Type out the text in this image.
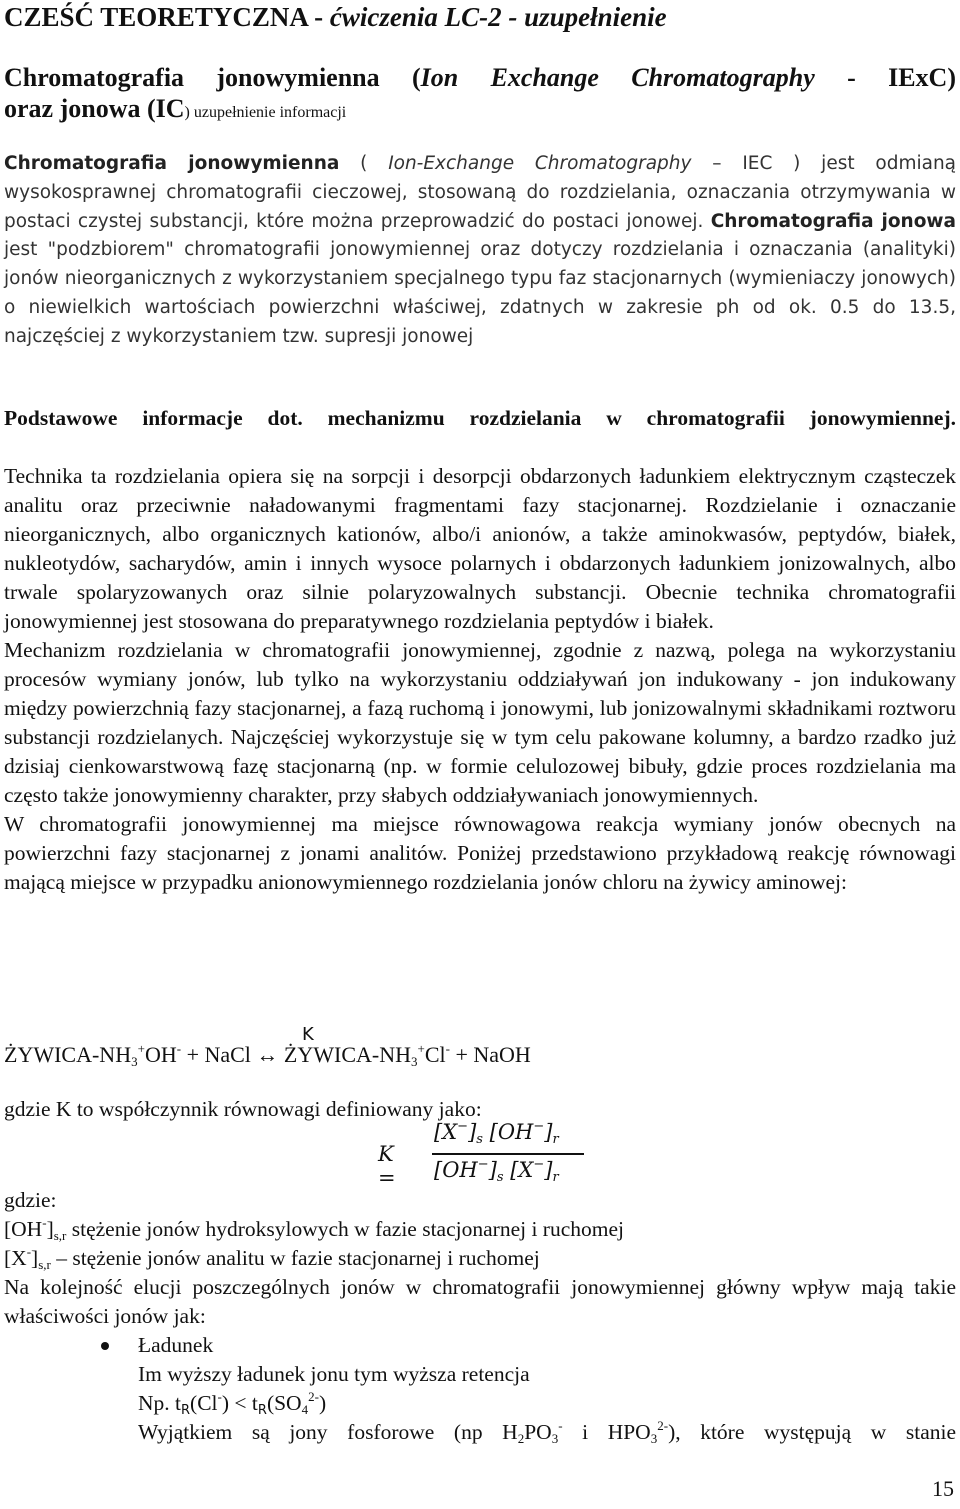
CZEŚĆ TEORETYCZNA - ćwiczenia LC-2 - uzupełnienie
Chromatografia jonowymienna (Ion Exchange Chromatography - IExC)
oraz jonowa (IC) uzupełnienie informacji
Chromatografia jonowymienna ( Ion-Exchange Chromatography – IEC ) jest odmianą wysokosprawnej chromatografii cieczowej, stosowaną do rozdzielania, oznaczania otrzymywania w postaci czystej substancji, które można przeprowadzić do postaci jonowej. Chromatografia jonowa jest "podzbiorem" chromatografii jonowymiennej oraz dotyczy rozdzielania i oznaczania (analityki) jonów nieorganicznych z wykorzystaniem specjalnego typu faz stacjonarnych (wymieniaczy jonowych) o niewielkich wartościach powierzchni właściwej, zdatnych w zakresie ph od ok. 0.5 do 13.5, najczęściej z wykorzystaniem tzw. supresji jonowej
Podstawowe informacje dot. mechanizmu rozdzielania w chromatografii jonowymiennej.
Technika ta rozdzielania opiera się na sorpcji i desorpcji obdarzonych ładunkiem elektrycznym cząsteczek analitu oraz przeciwnie naładowanymi fragmentami fazy stacjonarnej. Rozdzielanie i oznaczanie nieorganicznych, albo organicznych kationów, albo/i anionów, a także aminokwasów, peptydów, białek, nukleotydów, sacharydów, amin i innych wysoce polarnych i obdarzonych ładunkiem jonizowalnych, albo trwale spolaryzowanych oraz silnie polaryzowalnych substancji. Obecnie technika chromatografii jonowymiennej jest stosowana do preparatywnego rozdzielania peptydów i białek.
Mechanizm rozdzielania w chromatografii jonowymiennej, zgodnie z nazwą, polega na wykorzystaniu procesów wymiany jonów, lub tylko na wykorzystaniu oddziaływań jon indukowany - jon indukowany między powierzchnią fazy stacjonarnej, a fazą ruchomą i jonowymi, lub jonizowalnymi składnikami roztworu substancji rozdzielanych. Najczęściej wykorzystuje się w tym celu pakowane kolumny, a bardzo rzadko już dzisiaj cienkowarstwową fazę stacjonarną (np. w formie celulozowej bibuły, gdzie proces rozdzielania ma często także jonowymienny charakter, przy słabych oddziaływaniach jonowymiennych.
W chromatografii jonowymiennej ma miejsce równowagowa reakcja wymiany jonów obecnych na powierzchni fazy stacjonarnej z jonami analitów. Poniżej przedstawiono przykładową reakcję równowagi mającą miejsce w przypadku anionowymiennego rozdzielania jonów chloru na żywicy aminowej:
K
ŻYWICA-$NH_3^+OH^-$ + NaCl ↔ ŻYWICA-$NH_3^+Cl^-$ + NaOH
gdzie K to współczynnik równowagi definiowany jako:
K =
$[X^-]_s$ $[OH^-]_r$
$[OH^-]_s$ $[X^-]_r$
gdzie:
$[OH^-]_{s,r}$ stężenie jonów hydroksylowych w fazie stacjonarnej i ruchomej
$[X^-]_{s,r}$ – stężenie jonów analitu w fazie stacjonarnej i ruchomej
Na kolejność elucji poszczególnych jonów w chromatografii jonowymiennej główny wpływ mają takie właściwości jonów jak:
Ładunek
Im wyższy ładunek jonu tym wyższa retencja
Np. $t_R(Cl^-) < t_R(SO_4^{2-})$
Wyjątkiem są jony fosforowe (np $H_2PO_3^-$ i $HPO_3^{2-}$), które występują w stanie
15
